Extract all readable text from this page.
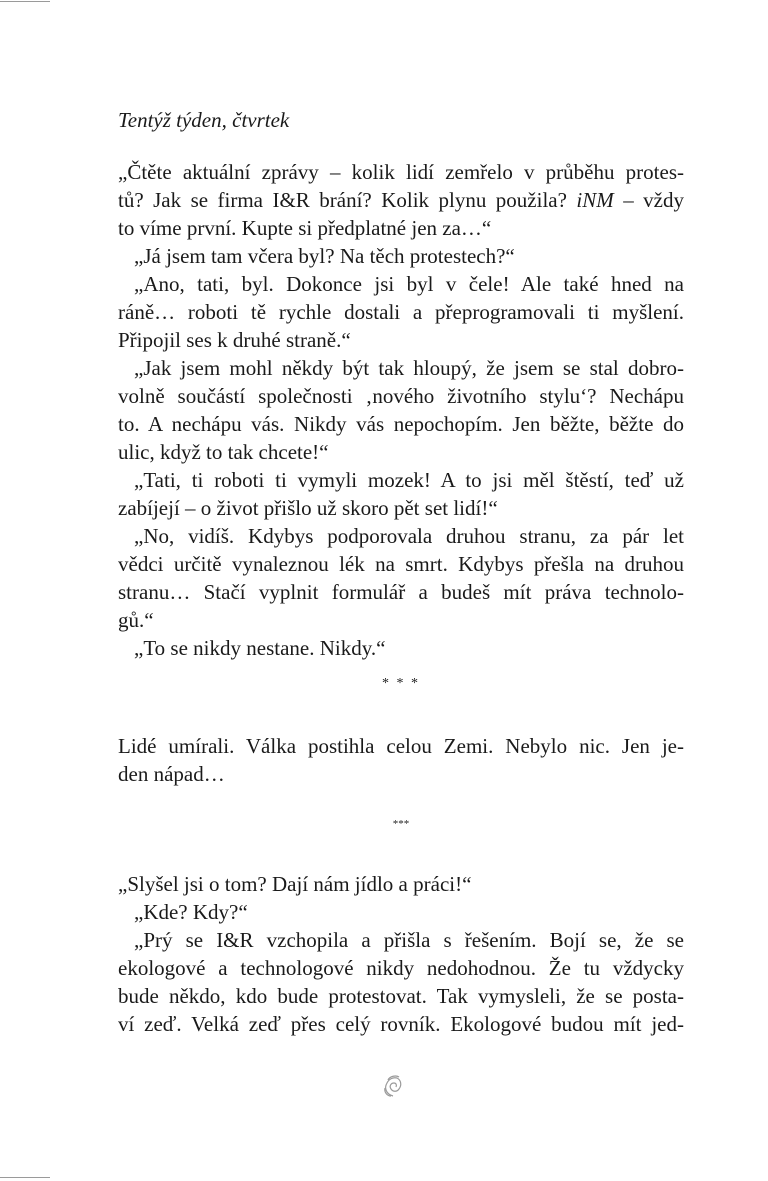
Tentýž týden, čtvrtek
„Čtěte aktuální zprávy – kolik lidí zemřelo v průběhu protes-
tů? Jak se firma I&R brání? Kolik plynu použila? iNM – vždy
to víme první. Kupte si předplatné jen za…“
„Já jsem tam včera byl? Na těch protestech?“
„Ano, tati, byl. Dokonce jsi byl v čele! Ale také hned na
ráně… roboti tě rychle dostali a přeprogramovali ti myšlení.
Připojil ses k druhé straně.“
„Jak jsem mohl někdy být tak hloupý, že jsem se stal dobro-
volně součástí společnosti ‚nového životního stylu‘? Nechápu
to. A nechápu vás. Nikdy vás nepochopím. Jen běžte, běžte do
ulic, když to tak chcete!“
„Tati, ti roboti ti vymyli mozek! A to jsi měl štěstí, teď už
zabíjejí – o život přišlo už skoro pět set lidí!“
„No, vidíš. Kdybys podporovala druhou stranu, za pár let
vědci určitě vynaleznou lék na smrt. Kdybys přešla na druhou
stranu… Stačí vyplnit formulář a budeš mít práva technolo-
gů.“
„To se nikdy nestane. Nikdy.“
* * *
Lidé umírali. Válka postihla celou Zemi. Nebylo nic. Jen je-
den nápad…
***
„Slyšel jsi o tom? Dají nám jídlo a práci!“
„Kde? Kdy?“
„Prý se I&R vzchopila a přišla s řešením. Bojí se, že se
ekologové a technologové nikdy nedohodnou. Že tu vždycky
bude někdo, kdo bude protestovat. Tak vymysleli, že se posta-
ví zeď. Velká zeď přes celý rovník. Ekologové budou mít jed-
